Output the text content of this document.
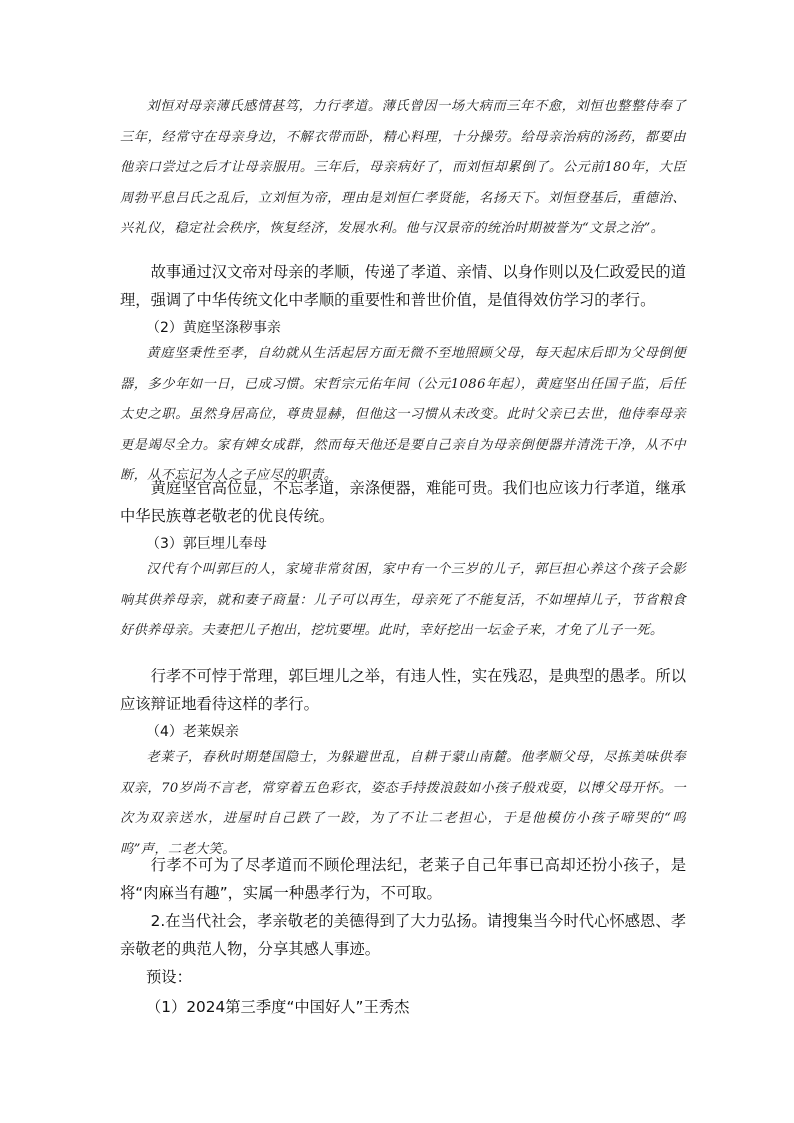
刘恒对母亲薄氏感情甚笃，力行孝道。薄氏曾因一场大病而三年不愈，刘恒也整整侍奉了三年，经常守在母亲身边，不解衣带而卧，精心料理，十分操劳。给母亲治病的汤药，都要由他亲口尝过之后才让母亲服用。三年后，母亲病好了，而刘恒却累倒了。公元前180年，大臣周勃平息吕氏之乱后，立刘恒为帝，理由是刘恒仁孝贤能，名扬天下。刘恒登基后，重德治、兴礼仪，稳定社会秩序，恢复经济，发展水利。他与汉景帝的统治时期被誉为“文景之治”。

故事通过汉文帝对母亲的孝顺，传递了孝道、亲情、以身作则以及仁政爱民的道理，强调了中华传统文化中孝顺的重要性和普世价值，是值得效仿学习的孝行。

（2）黄庭坚涤秽事亲

黄庭坚秉性至孝，自幼就从生活起居方面无微不至地照顾父母，每天起床后即为父母倒便器，多少年如一日，已成习惯。宋哲宗元佑年间（公元1086年起），黄庭坚出任国子监，后任太史之职。虽然身居高位，尊贵显赫，但他这一习惯从未改变。此时父亲已去世，他侍奉母亲更是竭尽全力。家有婢女成群，然而每天他还是要自己亲自为母亲倒便器并清洗干净，从不中断，从不忘记为人之子应尽的职责。

黄庭坚官高位显，不忘孝道，亲涤便器，难能可贵。我们也应该力行孝道，继承中华民族尊老敬老的优良传统。

（3）郭巨埋儿奉母

汉代有个叫郭巨的人，家境非常贫困，家中有一个三岁的儿子，郭巨担心养这个孩子会影响其供养母亲，就和妻子商量：儿子可以再生，母亲死了不能复活，不如埋掉儿子，节省粮食好供养母亲。夫妻把儿子抱出，挖坑要埋。此时，幸好挖出一坛金子来，才免了儿子一死。

行孝不可悖于常理，郭巨埋儿之举，有违人性，实在残忍，是典型的愚孝。所以应该辩证地看待这样的孝行。

（4）老莱娱亲

老莱子，春秋时期楚国隐士，为躲避世乱，自耕于蒙山南麓。他孝顺父母，尽拣美味供奉双亲，70岁尚不言老，常穿着五色彩衣，姿态手持拨浪鼓如小孩子般戏耍，以博父母开怀。一次为双亲送水，进屋时自己跌了一跤，为了不让二老担心，于是他模仿小孩子啼哭的“呜呜”声，二老大笑。

行孝不可为了尽孝道而不顾伦理法纪，老莱子自己年事已高却还扮小孩子，是将“肉麻当有趣”，实属一种愚孝行为，不可取。

2.在当代社会，孝亲敬老的美德得到了大力弘扬。请搜集当今时代心怀感恩、孝亲敬老的典范人物，分享其感人事迹。

预设：
（1）2024第三季度“中国好人”王秀杰
